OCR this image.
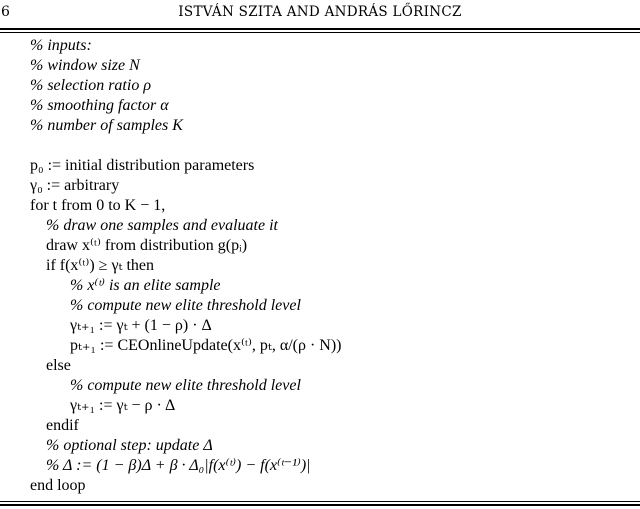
6	ISTVÁN SZITA AND ANDRÁS LŐRINCZ
% inputs:
% window size N
% selection ratio ρ
% smoothing factor α
% number of samples K
p₀ := initial distribution parameters
γ₀ := arbitrary
for t from 0 to K − 1,
% draw one samples and evaluate it
draw x⁽ᵗ⁾ from distribution g(pᵢ)
if f(x⁽ᵗ⁾) ≥ γₜ then
% x⁽ᵗ⁾ is an elite sample
% compute new elite threshold level
γₜ₊₁ := γₜ + (1 − ρ) · Δ
pₜ₊₁ := CEOnlineUpdate(x⁽ᵗ⁾, pₜ, α/(ρ · N))
else
% compute new elite threshold level
γₜ₊₁ := γₜ − ρ · Δ
endif
% optional step: update Δ
% Δ := (1 − β)Δ + β · Δ₀|f(x⁽ᵗ⁾) − f(x⁽ᵗ⁻¹⁾)|
end loop
